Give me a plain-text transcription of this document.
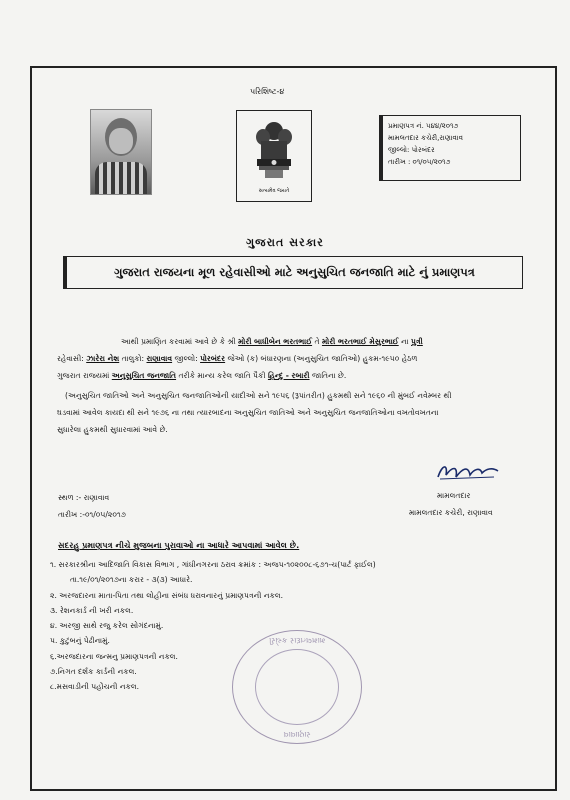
પરિશિષ્ટ-૪
સત્યમેવ જયતે
પ્રમાણપત્ર નં. ૫૪૪/૨૦૧૭
મામલતદાર કચેરી,રાણાવાવ
જીલ્લો: પોરબંદર
તારીખ : ૦૧/૦૫/૨૦૧૭
ગુજરાત સરકાર
ગુજરાત રાજયના મૂળ રહેવાસીઓ માટે અનુસુચિત જનજાતિ માટે નું પ્રમાણપત્ર
આથી પ્રમાણિત કરવામાં આવે છે કે શ્રી મોરી બાધીબેન ભરતભાઈ તે મોરી ભરતભાઈ મેસુરભાઈ ના પુત્રી
રહેવાસી: ઝારેરા નેશ તાલુકો: રાણાવાવ જીલ્લો: પોરબંદર જેઓ (ક) બંધારણના (અનુસુચિત જાતિઓ) હુકમ-૧૯૫૦ હેઠળ
ગુજરાત રાજયમાં અનુસુચિત જનજાતિ તરીકે માન્ય કરેલ જાતિ પૈકી હિન્દુ - રબારી જાતિના છે.
(અનુસુચિત જાતિઓ અને અનુસુચિત જનજાતિઓની યાદીઓ સને ૧૯૫૬ (રૂપાંતરીત) હુકમથી સને ૧૯૬૦ ની મુંબઈ નવેમ્બર થી
ઘડવામાં આવેલ કાયદા થી સને ૧૯૭૬ ના તથા ત્યારબાદના અનુસુચિત જાતિઓ અને અનુસુચિત જનજાતિઓના વખતોવખતના
સુધારેલા હુકમથી સુધારવામાં આવે છે.
સ્થળ :- રાણાવાવ
તારીખ :-૦૧/૦૫/૨૦૧૭
મામલતદાર
મામલતદાર કચેરી, રાણાવાવ
સદરહુ પ્રમાણપત્ર નીચે મુજબના પુરાવાઓ ના આધારે આપવામાં આવેલ છે.
૧. સરકારશ્રીના આદિજાતિ વિકાસ વિભાગ , ગાંધીનગરના ઠરાવ ક્રમાંક : અજપ-૧૦૨૦૦૮-૬૭૧-ચ(પાર્ટ ફાઈલ)
તા.૧૯/૦૧/૨૦૧૭ના કરાર - ૩(૩) આધારે.
૨. અરજદારના માતા-પિતા તથા લોહીના સંબંધ ધરાવનારનું પ્રમાણપત્રની નકલ.
૩. રેશનકાર્ડ ની ખરી નકલ.
૪. અરજી સાથે રજુ કરેલ સોગંદનામું.
૫. કુટુંબનું પેઢીનામું.
૬.અરજદારના જન્મનુ પ્રમાણપત્રની નકલ.
૭.નિગત દર્શક કાર્ડની નકલ.
૮.મસવાડીની પહોંચની નકલ.
મામલતદાર કચેરી
રાણાવાવ
